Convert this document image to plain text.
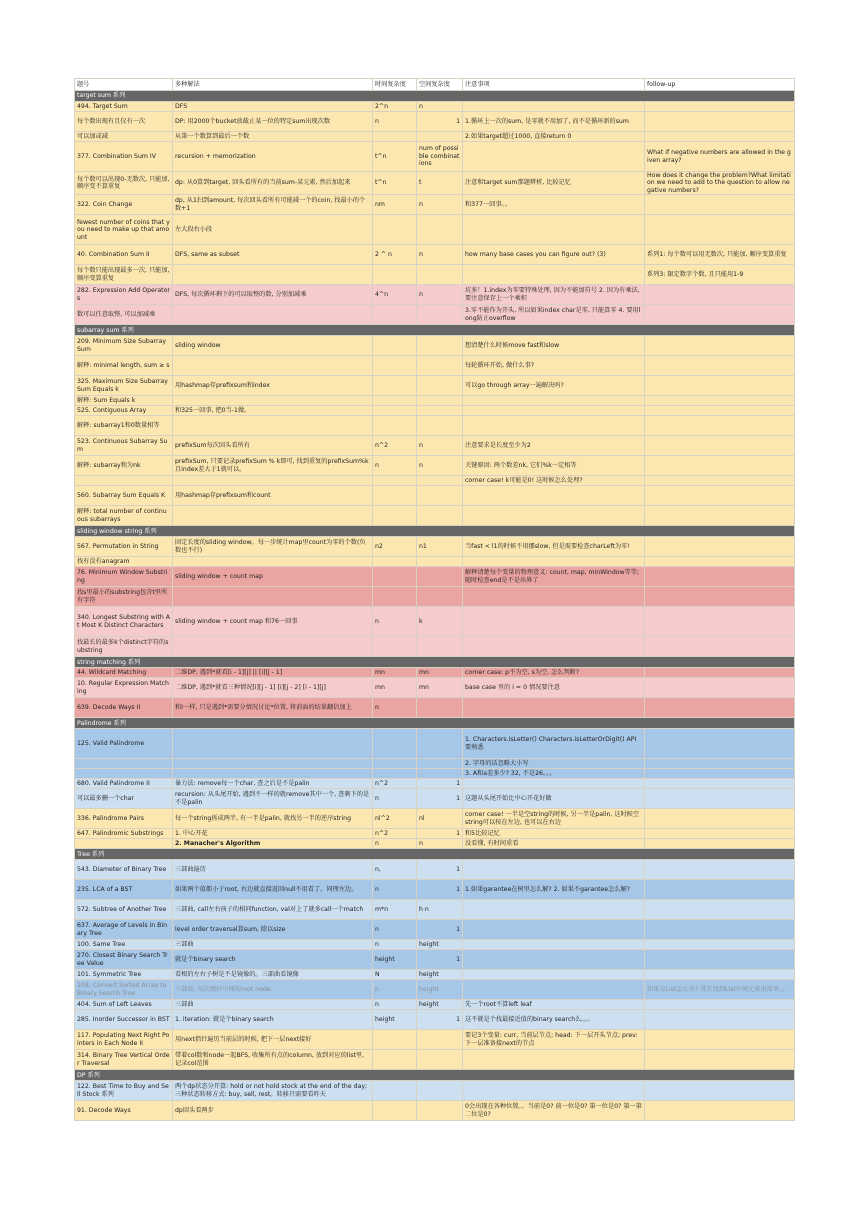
题号	多种解法	时间复杂度	空间复杂度	注意事项	follow-up
target sum 系列					
494. Target Sum	DFS	2^n	n		
每个数出现有且仅有一次	DP: 用2000个bucket放截止某一位的特定sum出现次数	n	1	1.循环上一次的sum, 是零就不用加了, 而不是循环新的sum	
可以加或减	从第一个数算到最后一个数			2.如果target超过1000, 直接return 0	
377. Combination Sum IV	recursion + memorization	t^n	num of possible combinations		What if negative numbers are allowed in the given array?
每个数可以出现0-无数次, 只能加, 顺序变不算重复	dp: 从0算到target, 回头看所有的当前sum-某元素, 然后加起来	t^n	t	注意和target sum那题辨析, 比较记忆	How does it change the problem?What limitation we need to add to the question to allow negative numbers?
322. Coin Change	dp, 从1扫到amount, 每次回头看所有可能减一个的coin, 找最小的个数+1	nm	n	和377一回事。。	
fewest number of coins that you need to make up that amount	左大段右小段				
40. Combination Sum II	DFS, same as subset	2 ^ n	n	how many base cases you can figure out? (3)	系列1: 每个数可以用无数次, 只能加, 顺序变算重复
每个数只能出现最多一次, 只能加, 顺序变算重复					系列3: 限定数字个数, 且只能用1-9
282. Expression Add Operators	DFS, 每次循环剩下的可以取整的数, 分别加减乘	4^n	n	坑多！1.index为零要特殊处理, 因为不能加符号 2. 因为有乘法, 要注意保存上一个乘积	
数可以任意取整, 可以加减乘				3.零不能作为开头, 所以如果index char是零, 只能算零 4. 要用long防止overflow	
subarray sum 系列					
209. Minimum Size Subarray Sum	sliding window			想清楚什么时候move fast和slow	
解释: minimal length, sum ≥ s				每轮循环开始, 做什么事?	
325. Maximum Size Subarray Sum Equals k	用hashmap存prefixsum和index			可以go through array一遍解决吗?	
解释: Sum Equals k					
525. Contiguous Array	和325一回事, 把0当-1做。				
解释: subarray1和0数量相等					
523. Continuous Subarray Sum	prefixSum每次回头看所有	n^2	n	注意要求是长度至少为2	
解释: subarray和为nk	prefixSum, 只要记录prefixSum % k即可, 找到重复的prefixSum%k且index差大于1就可以。	n	n	关键原因: 两个数差nk, 它们%k一定相等	
				corner case! k可能是0! 这时候怎么处理?	
560. Subarray Sum Equals K	用hashmap存prefixsum和count				
解释: total number of continuous subarrays					
sliding window string 系列					
567. Permutation in String	固定长度的sliding window。每一步统计map里count为零的个数(负数也不行)	n2	n1	当fast < l1的时候不用挪slow, 但是需要检查charLeft为零!	
找有没有anagram					
76. Minimum Window Substring	sliding window + count map			解释清楚每个变量的物理意义: count, map, minWindow等等; 随时检查end是不是出界了	
找s里最小的substring包含t里所有字符					
340. Longest Substring with At Most K Distinct Characters	sliding window + count map 和76一回事	n	k		
找最长的最多k个distinct字符的substring					
string matching 系列					
44. Wildcard Matching	二维DP, 遇到*就看[i - 1][j] || [i][j - 1]	mn	mn	corner case: p不为空, s为空, 怎么判断?	
10. Regular Expression Matching	二维DP, 遇到*就看三种情况[i][j - 1] [i][j - 2] [i - 1][j]	mn	mn	base case 里的 i = 0 情况要注意	
639. Decode Ways II	和I一样, 只是遇到*需要分情况讨论*位置, 将前面的结果翻倍加上	n			
Palindrome 系列					
125. Valid Palindrome				1. Characters.isLetter() Characters.isLetterOrDigit() API要熟悉	
				2. 字母的话忽略大小写	
				3. A和a差多少? 32, 不是26。。。	
680. Valid Palindrome II	暴力法: remove每一个char, 查之后是不是palin	n^2	1		
可以最多删一个char	recursion: 从头尾开始, 遇到不一样的就remove其中一个, 查剩下的是不是palin	n	1	这题从头尾开始比中心开花好做	
336. Palindrome Pairs	每一个string拆成两半, 有一半是palin, 就找另一半的逆序string	nl^2	nl	corner case! 一半是空string的时候, 另一半是palin, 这时候空string可以按在左边, 也可以在右边	
647. Palindromic Substrings	1. 中心开花	n^2	1	和5比较记忆	
	2. Manacher's Algorithm	n	n	没看懂, 有时间重看	
Tree 系列					
543. Diameter of Binary Tree	三部曲遍历	n,	1		
235. LCA of a BST	如果两个值都小于root, 右边就直接返回null不用看了。同理左边。	n	1	1.如果garantee在树里怎么解? 2. 如果不garantee怎么解?	
572. Subtree of Another Tree	三部曲, call左右孩子的相同function, val对上了就多call一个match	m*n	h n		
637. Average of Levels in Binary Tree	level order traversal算sum, 除以size	n	1		
100. Same Tree	三部曲	n	height		
270. Closest Binary Search Tree Value	就是个binary search	height	1		
101. Symmetric Tree	看根的左右子树是不是镜像的。三部曲看镜像	N	height		
108. Convert Sorted Array to Binary Search Tree	三部曲, 每次做好中间的root node	n	height		如果是List怎么办? 其实找到List中间元素很简单。。
404. Sum of Left Leaves	三部曲	n	height	先一个root不算left leaf	
285. Inorder Successor in BST	1. iteration: 就是个binary search	height	1	这不就是个找最接近值的binary search么。。。	
117. Populating Next Right Pointers in Each Node II	用next指针遍历当前层的时候, 把下一层next接好			要记3个变量: curr, 当前层节点; head: 下一层开头节点; prev: 下一层准备接next的节点	
314. Binary Tree Vertical Order Traversal	带着col数和node一起BFS, 收集所有点的column, 放到对应的list里, 记录col范围				
DP 系列					
122. Best Time to Buy and Sell Stock 系列	两个dp状态分开算: hold or not hold stock at the end of the day; 三种状态转移方式: buy, sell, rest。转移只需要看昨天				
91. Decode Ways	dp回头看两步			0会出现在各种位置。。当前是0? 前一位是0? 第一位是0? 第一第二位是0?	
